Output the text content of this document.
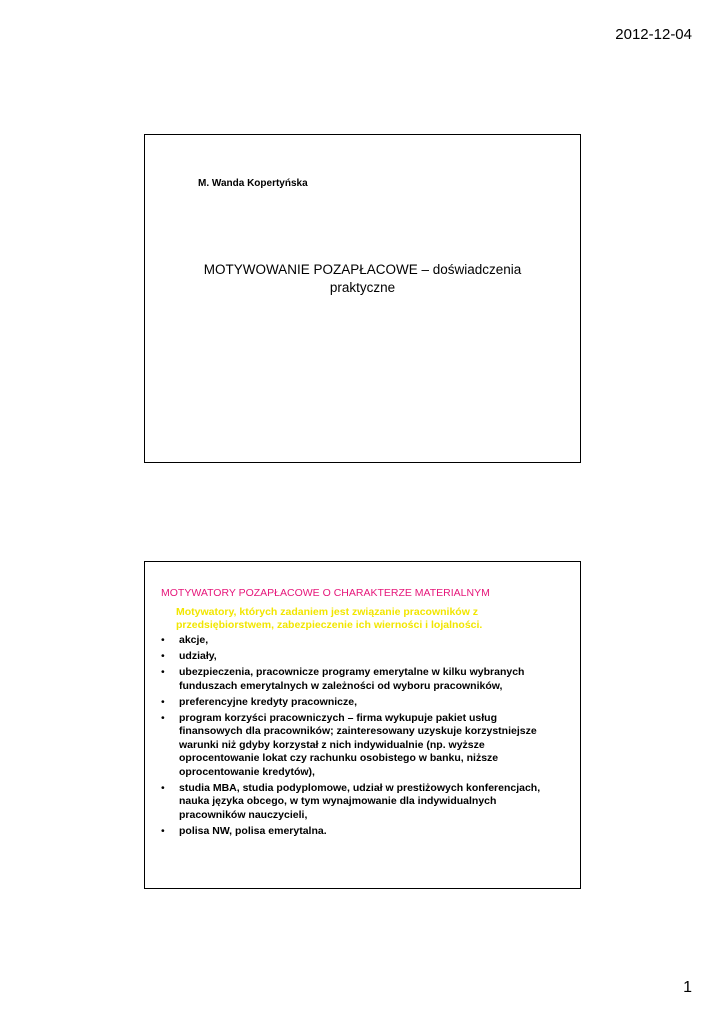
2012-12-04
M. Wanda Kopertyńska
MOTYWOWANIE POZAPŁACOWE – doświadczenia
praktyczne
MOTYWATORY POZAPŁACOWE O CHARAKTERZE MATERIALNYM
Motywatory, których zadaniem jest związanie pracowników z
przedsiębiorstwem, zabezpieczenie ich wierności i lojalności.
• akcje,
• udziały,
• ubezpieczenia, pracownicze programy emerytalne w kilku wybranych funduszach emerytalnych w zależności od wyboru pracowników,
• preferencyjne kredyty pracownicze,
• program korzyści pracowniczych – firma wykupuje pakiet usług finansowych dla pracowników; zainteresowany uzyskuje korzystniejsze warunki niż gdyby korzystał z nich indywidualnie (np. wyższe oprocentowanie lokat czy rachunku osobistego w banku, niższe oprocentowanie kredytów),
• studia MBA, studia podyplomowe, udział w prestiżowych konferencjach, nauka języka obcego, w tym wynajmowanie dla indywidualnych pracowników nauczycieli,
• polisa NW, polisa emerytalna.
1
